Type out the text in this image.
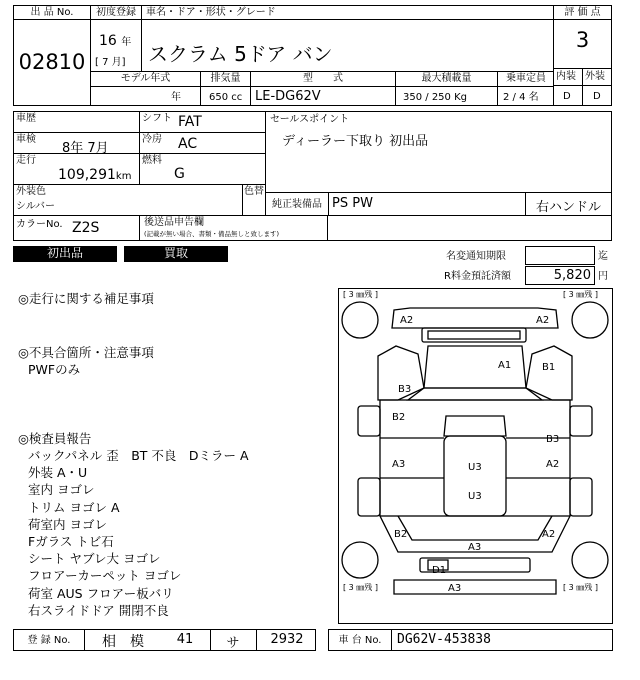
出 品 No.
02810
初度登録
16 年
[ 7 月]
車名・ドア・形状・グレード
スクラム 5ドア バン
評 価 点
3
内装 外装
D D
モデル年式	排気量	型　　式	最大積載量	乗車定員
年	650 cc LE-DG62V	350 / 250 Kg	2 / 4 名
車歴
車検
8年 7月
走行
109,291km
シフト FAT
冷房 AC
燃料
G
セールスポイント
ディーラー下取り 初出品
外装色
シルバー
色替
純正装備品 PS PW	右ハンドル
カラーNo. Z2S	後送品申告欄
(記載が無い場合、書類・備品無しと致します)
初出品	買取	名変通知期限	迄
R料金預託済額	5,820 円
◎走行に関する補足事項
◎不具合箇所・注意事項
PWFのみ
◎検査員報告
バックパネル 歪　BT 不良　Dミラー A
外装 A・U
室内 ヨゴレ
トリム ヨゴレ A
荷室内 ヨゴレ
Fガラス トビ石
シート ヤブレ大 ヨゴレ
フロアーカーペット ヨゴレ
荷室 AUS フロアー板バリ
右スライドドア 開閉不良
[ 3 ㎜残 ]	[ 3 ㎜残 ]
[ 3 ㎜残 ]	[ 3 ㎜残 ]
A2	A2
A1	B1
B3
B2
B3
A3	A2
U3
U3
B2	A2
A3
D1
A3
登 録 No.	相　模	41	サ	2932	車 台 No.	DG62V-453838
